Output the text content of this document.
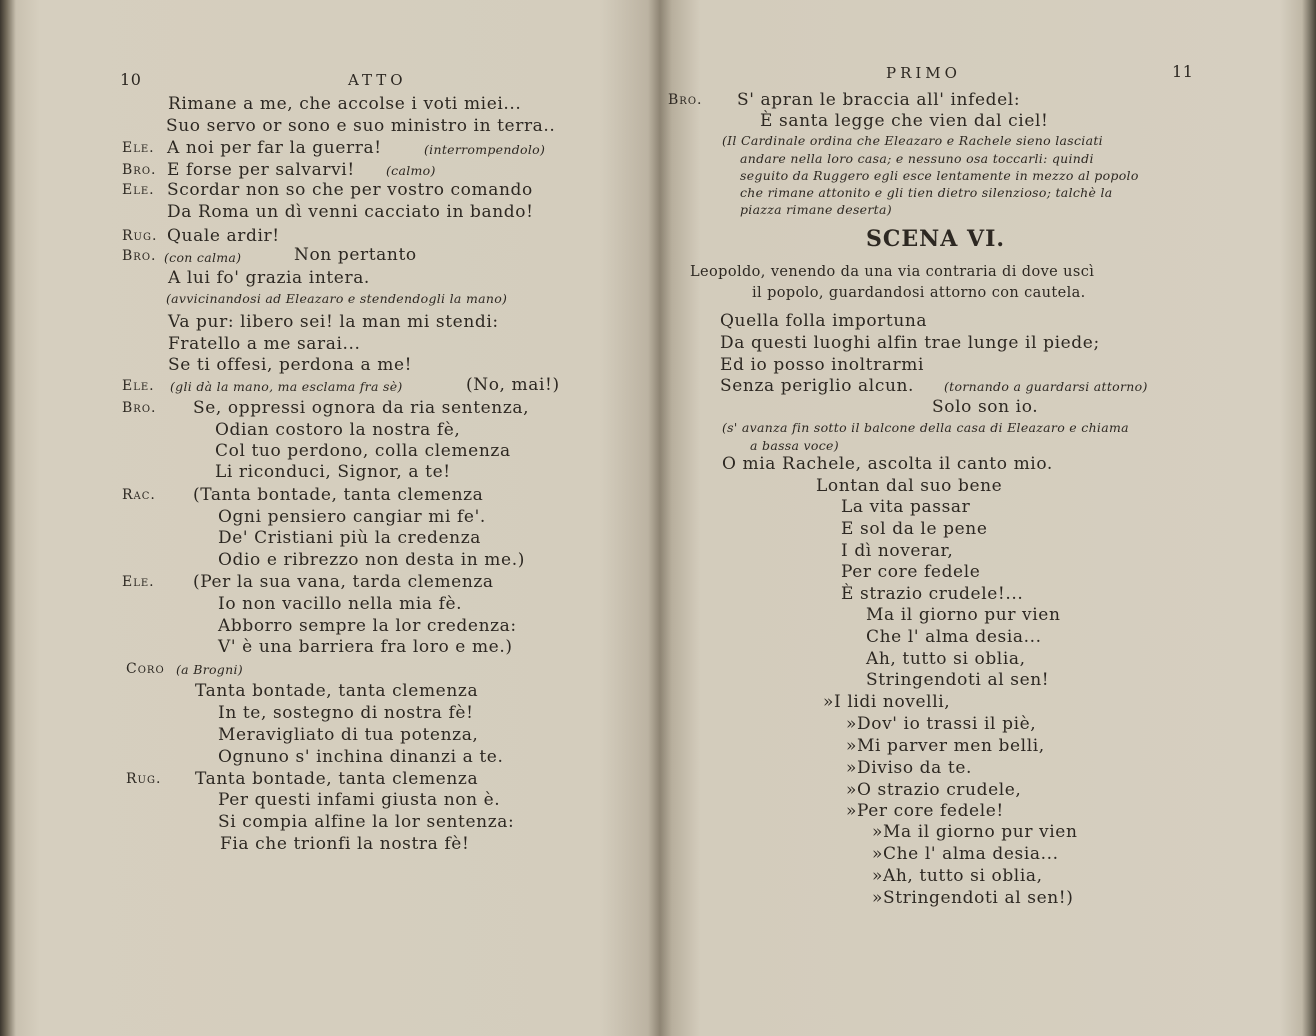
10	ATTO
Rimane a me, che accolse i voti miei...
Suo servo or sono e suo ministro in terra..
Ele. A noi per far la guerra!	(interrompendolo)
Bro. E forse per salvarvi! (calmo)
Ele. Scordar non so che per vostro comando
Da Roma un dì venni cacciato in bando!
Rug. Quale ardir!
Bro. (con calma)	Non pertanto
A lui fo' grazia intera.
(avvicinandosi ad Eleazaro e stendendogli la mano)
Va pur: libero sei! la man mi stendi:
Fratello a me sarai...
Se ti offesi, perdona a me!
Ele. (gli dà la mano, ma esclama fra sè)	(No, mai!)
Bro. Se, oppressi ognora da ria sentenza,
Odian costoro la nostra fè,
Col tuo perdono, colla clemenza
Li riconduci, Signor, a te!
Rac. (Tanta bontade, tanta clemenza
Ogni pensiero cangiar mi fe'.
De' Cristiani più la credenza
Odio e ribrezzo non desta in me.)
Ele. (Per la sua vana, tarda clemenza
Io non vacillo nella mia fè.
Abborro sempre la lor credenza:
V' è una barriera fra loro e me.)
Coro (a Brogni)
Tanta bontade, tanta clemenza
In te, sostegno di nostra fè!
Meravigliato di tua potenza,
Ognuno s' inchina dinanzi a te.
Rug. Tanta bontade, tanta clemenza
Per questi infami giusta non è.
Si compia alfine la lor sentenza:
Fia che trionfi la nostra fè!
PRIMO	11
Bro. S' apran le braccia all' infedel:
È santa legge che vien dal ciel!
(Il Cardinale ordina che Eleazaro e Rachele sieno lasciati
andare nella loro casa; e nessuno osa toccarli: quindi
seguito da Ruggero egli esce lentamente in mezzo al popolo
che rimane attonito e gli tien dietro silenzioso; talchè la
piazza rimane deserta)
SCENA VI.
Leopoldo, venendo da una via contraria di dove uscì
il popolo, guardandosi attorno con cautela.
Quella folla importuna
Da questi luoghi alfin trae lunge il piede;
Ed io posso inoltrarmi
Senza periglio alcun. (tornando a guardarsi attorno)
Solo son io.
(s' avanza fin sotto il balcone della casa di Eleazaro e chiama
a bassa voce)
O mia Rachele, ascolta il canto mio.
Lontan dal suo bene
La vita passar
E sol da le pene
I dì noverar,
Per core fedele
È strazio crudele!...
Ma il giorno pur vien
Che l' alma desia...
Ah, tutto si oblia,
Stringendoti al sen!
»I lidi novelli,
»Dov' io trassi il piè,
»Mi parver men belli,
»Diviso da te.
»O strazio crudele,
»Per core fedele!
»Ma il giorno pur vien
»Che l' alma desia...
»Ah, tutto si oblia,
»Stringendoti al sen!)
